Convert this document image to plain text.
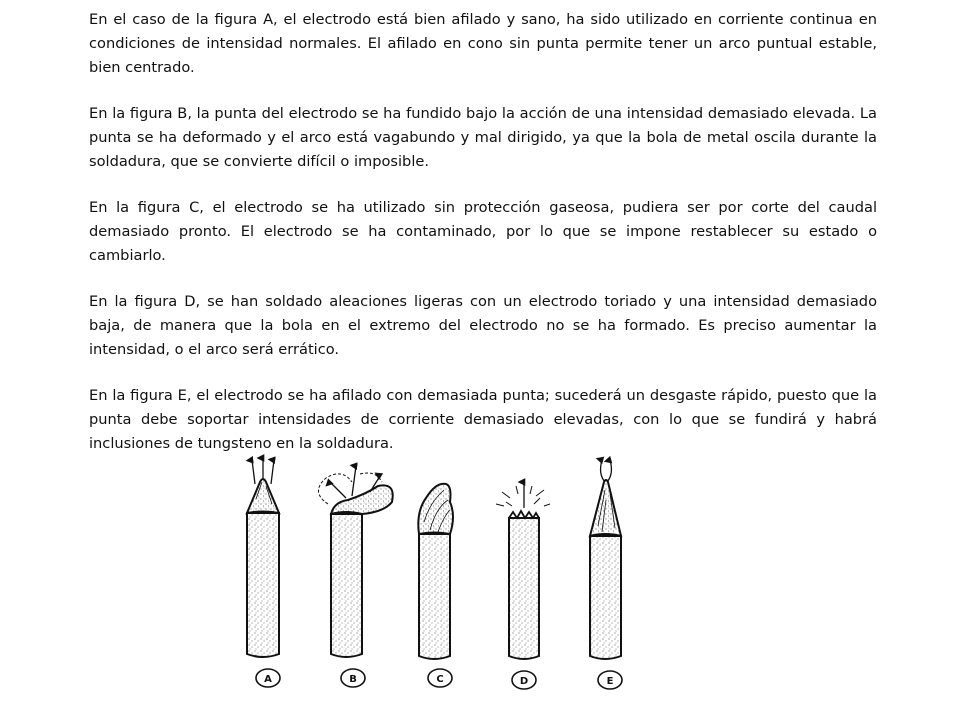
En el caso de la figura A, el electrodo está bien afilado y sano, ha sido utilizado en corriente continua en condiciones de intensidad normales. El afilado en cono sin punta permite tener un arco puntual estable, bien centrado.

En la figura B, la punta del electrodo se ha fundido bajo la acción de una intensidad demasiado elevada. La punta se ha deformado y el arco está vagabundo y mal dirigido, ya que la bola de metal oscila durante la soldadura, que se convierte difícil o imposible.

En la figura C, el electrodo se ha utilizado sin protección gaseosa, pudiera ser por corte del caudal demasiado pronto. El electrodo se ha contaminado, por lo que se impone restablecer su estado o cambiarlo.

En la figura D, se han soldado aleaciones ligeras con un electrodo toriado y una intensidad demasiado baja, de manera que la bola en el extremo del electrodo no se ha formado. Es preciso aumentar la intensidad, o el arco será errático.

En la figura E, el electrodo se ha afilado con demasiada punta; sucederá un desgaste rápido, puesto que la punta debe soportar intensidades de corriente demasiado elevadas, con lo que se fundirá y habrá inclusiones de tungsteno en la soldadura.

A	B	C	D	E
